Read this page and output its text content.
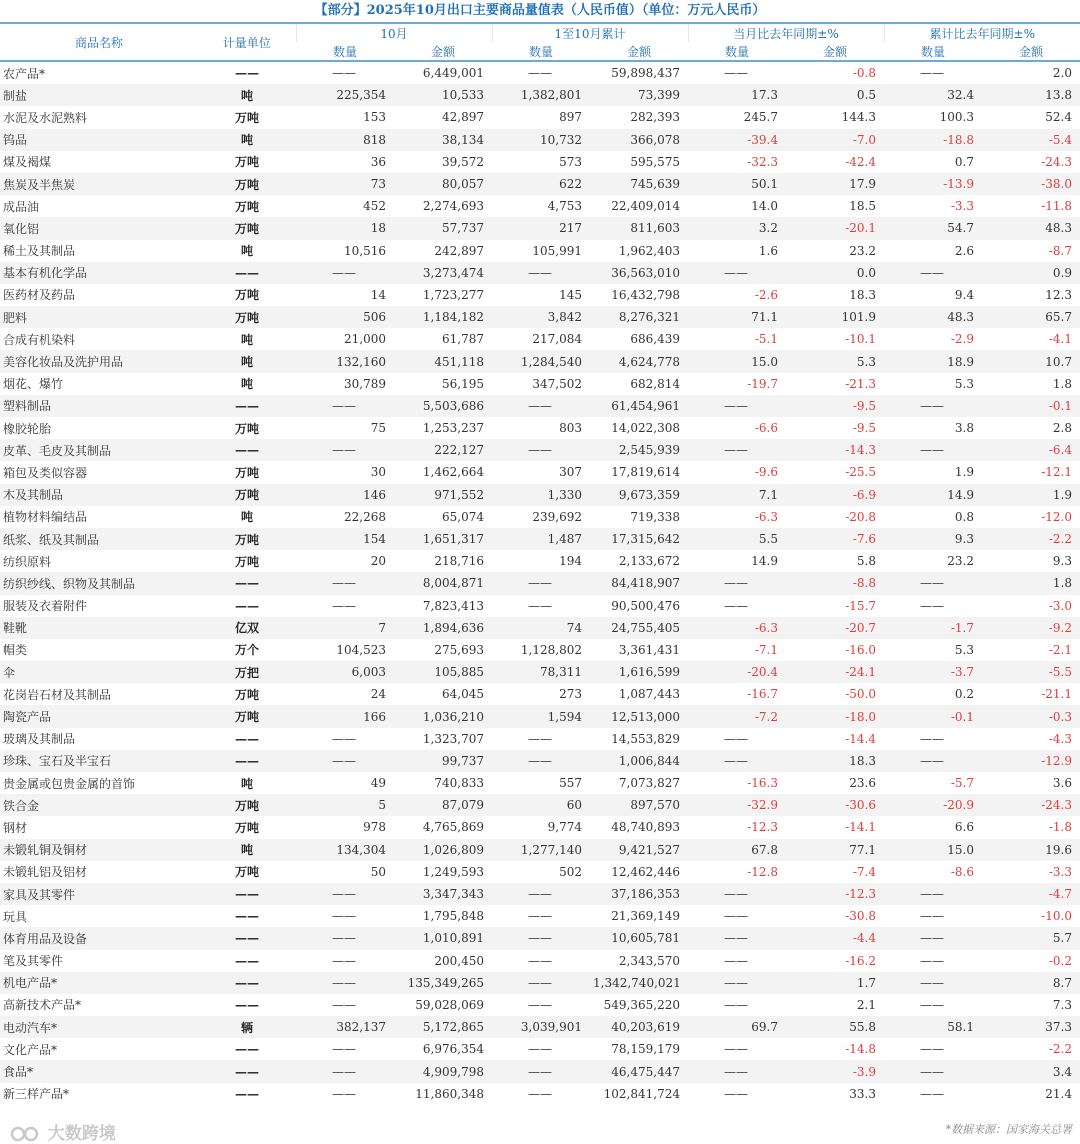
【部分】2025年10月出口主要商品量值表（人民币值）（单位：万元人民币）
商品名称	计量单位	10月		1至10月累计		当月比去年同期±%		累计比去年同期±%	
		数量	金额	数量	金额	数量	金额	数量	金额
农产品*	——	——	6,449,001	——	59,898,437	——	-0.8	——	2.0
制盐	吨	225,354	10,533	1,382,801	73,399	17.3	0.5	32.4	13.8
水泥及水泥熟料	万吨	153	42,897	897	282,393	245.7	144.3	100.3	52.4
钨品	吨	818	38,134	10,732	366,078	-39.4	-7.0	-18.8	-5.4
煤及褐煤	万吨	36	39,572	573	595,575	-32.3	-42.4	0.7	-24.3
焦炭及半焦炭	万吨	73	80,057	622	745,639	50.1	17.9	-13.9	-38.0
成品油	万吨	452	2,274,693	4,753	22,409,014	14.0	18.5	-3.3	-11.8
氧化铝	万吨	18	57,737	217	811,603	3.2	-20.1	54.7	48.3
稀土及其制品	吨	10,516	242,897	105,991	1,962,403	1.6	23.2	2.6	-8.7
基本有机化学品	——	——	3,273,474	——	36,563,010	——	0.0	——	0.9
医药材及药品	万吨	14	1,723,277	145	16,432,798	-2.6	18.3	9.4	12.3
肥料	万吨	506	1,184,182	3,842	8,276,321	71.1	101.9	48.3	65.7
合成有机染料	吨	21,000	61,787	217,084	686,439	-5.1	-10.1	-2.9	-4.1
美容化妆品及洗护用品	吨	132,160	451,118	1,284,540	4,624,778	15.0	5.3	18.9	10.7
烟花、爆竹	吨	30,789	56,195	347,502	682,814	-19.7	-21.3	5.3	1.8
塑料制品	——	——	5,503,686	——	61,454,961	——	-9.5	——	-0.1
橡胶轮胎	万吨	75	1,253,237	803	14,022,308	-6.6	-9.5	3.8	2.8
皮革、毛皮及其制品	——	——	222,127	——	2,545,939	——	-14.3	——	-6.4
箱包及类似容器	万吨	30	1,462,664	307	17,819,614	-9.6	-25.5	1.9	-12.1
木及其制品	万吨	146	971,552	1,330	9,673,359	7.1	-6.9	14.9	1.9
植物材料编结品	吨	22,268	65,074	239,692	719,338	-6.3	-20.8	0.8	-12.0
纸浆、纸及其制品	万吨	154	1,651,317	1,487	17,315,642	5.5	-7.6	9.3	-2.2
纺织原料	万吨	20	218,716	194	2,133,672	14.9	5.8	23.2	9.3
纺织纱线、织物及其制品	——	——	8,004,871	——	84,418,907	——	-8.8	——	1.8
服装及衣着附件	——	——	7,823,413	——	90,500,476	——	-15.7	——	-3.0
鞋靴	亿双	7	1,894,636	74	24,755,405	-6.3	-20.7	-1.7	-9.2
帽类	万个	104,523	275,693	1,128,802	3,361,431	-7.1	-16.0	5.3	-2.1
伞	万把	6,003	105,885	78,311	1,616,599	-20.4	-24.1	-3.7	-5.5
花岗岩石材及其制品	万吨	24	64,045	273	1,087,443	-16.7	-50.0	0.2	-21.1
陶瓷产品	万吨	166	1,036,210	1,594	12,513,000	-7.2	-18.0	-0.1	-0.3
玻璃及其制品	——	——	1,323,707	——	14,553,829	——	-14.4	——	-4.3
珍珠、宝石及半宝石	——	——	99,737	——	1,006,844	——	18.3	——	-12.9
贵金属或包贵金属的首饰	吨	49	740,833	557	7,073,827	-16.3	23.6	-5.7	3.6
铁合金	万吨	5	87,079	60	897,570	-32.9	-30.6	-20.9	-24.3
钢材	万吨	978	4,765,869	9,774	48,740,893	-12.3	-14.1	6.6	-1.8
未锻轧铜及铜材	吨	134,304	1,026,809	1,277,140	9,421,527	67.8	77.1	15.0	19.6
未锻轧铝及铝材	万吨	50	1,249,593	502	12,462,446	-12.8	-7.4	-8.6	-3.3
家具及其零件	——	——	3,347,343	——	37,186,353	——	-12.3	——	-4.7
玩具	——	——	1,795,848	——	21,369,149	——	-30.8	——	-10.0
体育用品及设备	——	——	1,010,891	——	10,605,781	——	-4.4	——	5.7
笔及其零件	——	——	200,450	——	2,343,570	——	-16.2	——	-0.2
机电产品*	——	——	135,349,265	——	1,342,740,021	——	1.7	——	8.7
高新技术产品*	——	——	59,028,069	——	549,365,220	——	2.1	——	7.3
电动汽车*	辆	382,137	5,172,865	3,039,901	40,203,619	69.7	55.8	58.1	37.3
文化产品*	——	——	6,976,354	——	78,159,179	——	-14.8	——	-2.2
食品*	——	——	4,909,798	——	46,475,447	——	-3.9	——	3.4
新三样产品*	——	——	11,860,348	——	102,841,724	——	33.3	——	21.4
大数跨境	*数据来源：国家海关总署
